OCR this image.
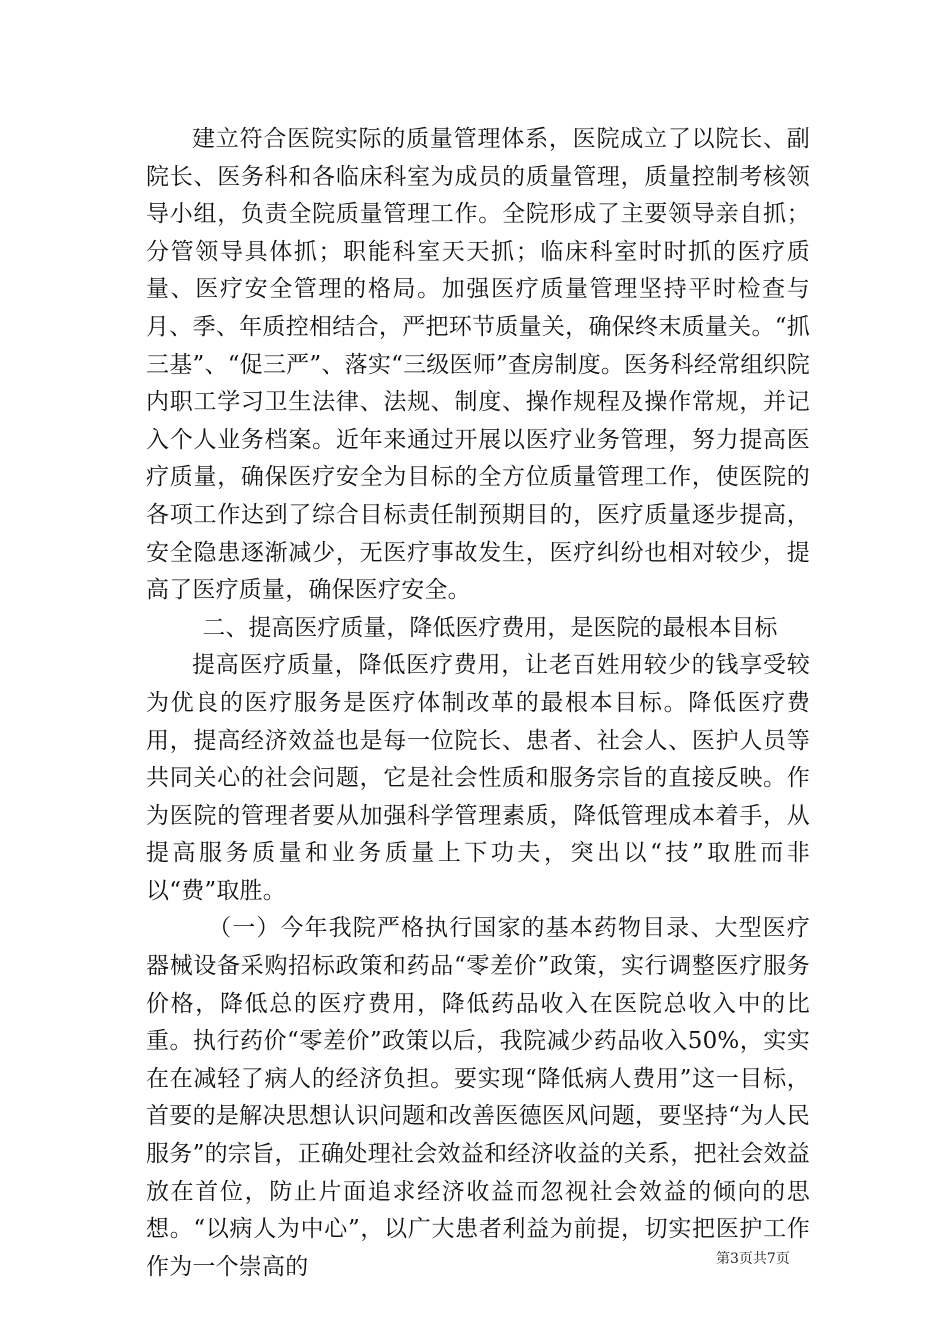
建立符合医院实际的质量管理体系，医院成立了以院长、副院长、医务科和各临床科室为成员的质量管理，质量控制考核领导小组，负责全院质量管理工作。全院形成了主要领导亲自抓；分管领导具体抓；职能科室天天抓；临床科室时时抓的医疗质量、医疗安全管理的格局。加强医疗质量管理坚持平时检查与月、季、年质控相结合，严把环节质量关，确保终末质量关。“抓三基”、“促三严”、落实“三级医师”查房制度。医务科经常组织院内职工学习卫生法律、法规、制度、操作规程及操作常规，并记入个人业务档案。近年来通过开展以医疗业务管理，努力提高医疗质量，确保医疗安全为目标的全方位质量管理工作，使医院的各项工作达到了综合目标责任制预期目的，医疗质量逐步提高，安全隐患逐渐减少，无医疗事故发生，医疗纠纷也相对较少，提高了医疗质量，确保医疗安全。

二、提高医疗质量，降低医疗费用，是医院的最根本目标

提高医疗质量，降低医疗费用，让老百姓用较少的钱享受较为优良的医疗服务是医疗体制改革的最根本目标。降低医疗费用，提高经济效益也是每一位院长、患者、社会人、医护人员等共同关心的社会问题，它是社会性质和服务宗旨的直接反映。作为医院的管理者要从加强科学管理素质，降低管理成本着手，从提高服务质量和业务质量上下功夫，突出以“技”取胜而非以“费”取胜。

（一）今年我院严格执行国家的基本药物目录、大型医疗器械设备采购招标政策和药品“零差价”政策，实行调整医疗服务价格，降低总的医疗费用，降低药品收入在医院总收入中的比重。执行药价“零差价”政策以后，我院减少药品收入50%，实实在在减轻了病人的经济负担。要实现“降低病人费用”这一目标，首要的是解决思想认识问题和改善医德医风问题，要坚持“为人民服务”的宗旨，正确处理社会效益和经济收益的关系，把社会效益放在首位，防止片面追求经济收益而忽视社会效益的倾向的思想。“以病人为中心”，以广大患者利益为前提，切实把医护工作作为一个崇高的	第3页共7页
